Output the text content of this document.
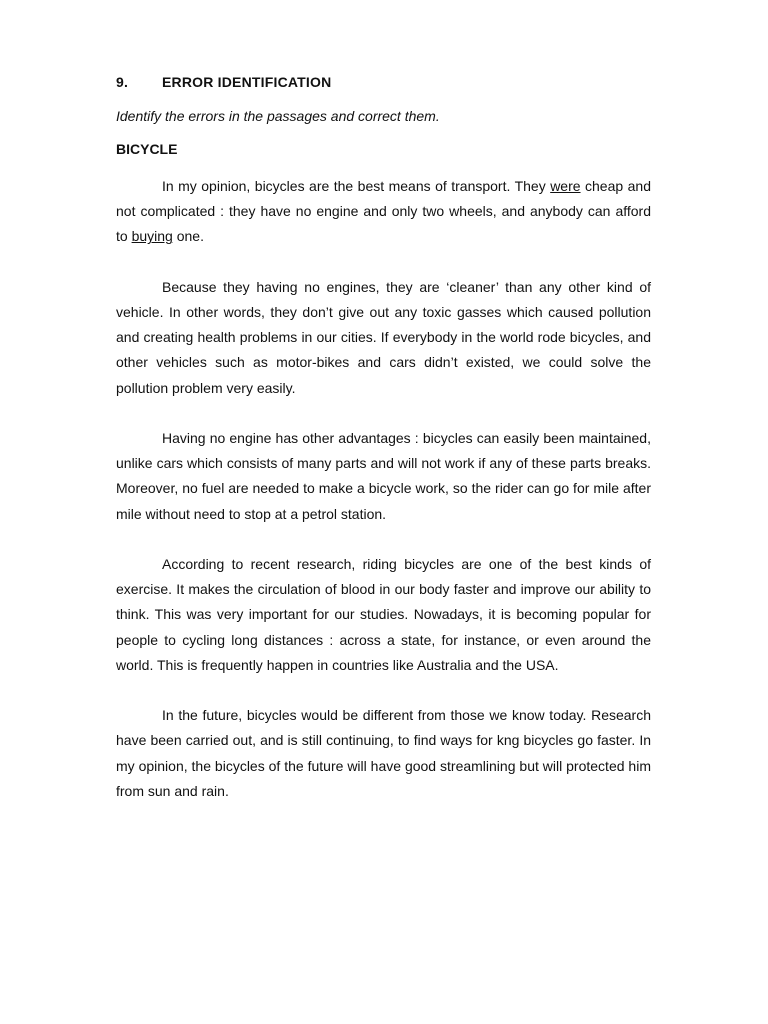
9. ERROR IDENTIFICATION
Identify the errors in the passages and correct them.
BICYCLE

In my opinion, bicycles are the best means of transport. They were cheap and not complicated : they have no engine and only two wheels, and anybody can afford to buying one.

Because they having no engines, they are ‘cleaner’ than any other kind of vehicle. In other words, they don’t give out any toxic gasses which caused pollution and creating health problems in our cities. If everybody in the world rode bicycles, and other vehicles such as motor-bikes and cars didn’t existed, we could solve the pollution problem very easily.

Having no engine has other advantages : bicycles can easily been maintained, unlike cars which consists of many parts and will not work if any of these parts breaks. Moreover, no fuel are needed to make a bicycle work, so the rider can go for mile after mile without need to stop at a petrol station.

According to recent research, riding bicycles are one of the best kinds of exercise. It makes the circulation of blood in our body faster and improve our ability to think. This was very important for our studies. Nowadays, it is becoming popular for people to cycling long distances : across a state, for instance, or even around the world. This is frequently happen in countries like Australia and the USA.

In the future, bicycles would be different from those we know today. Research have been carried out, and is still continuing, to find ways for kng bicycles go faster. In my opinion, the bicycles of the future will have good streamlining but will protected him from sun and rain.
